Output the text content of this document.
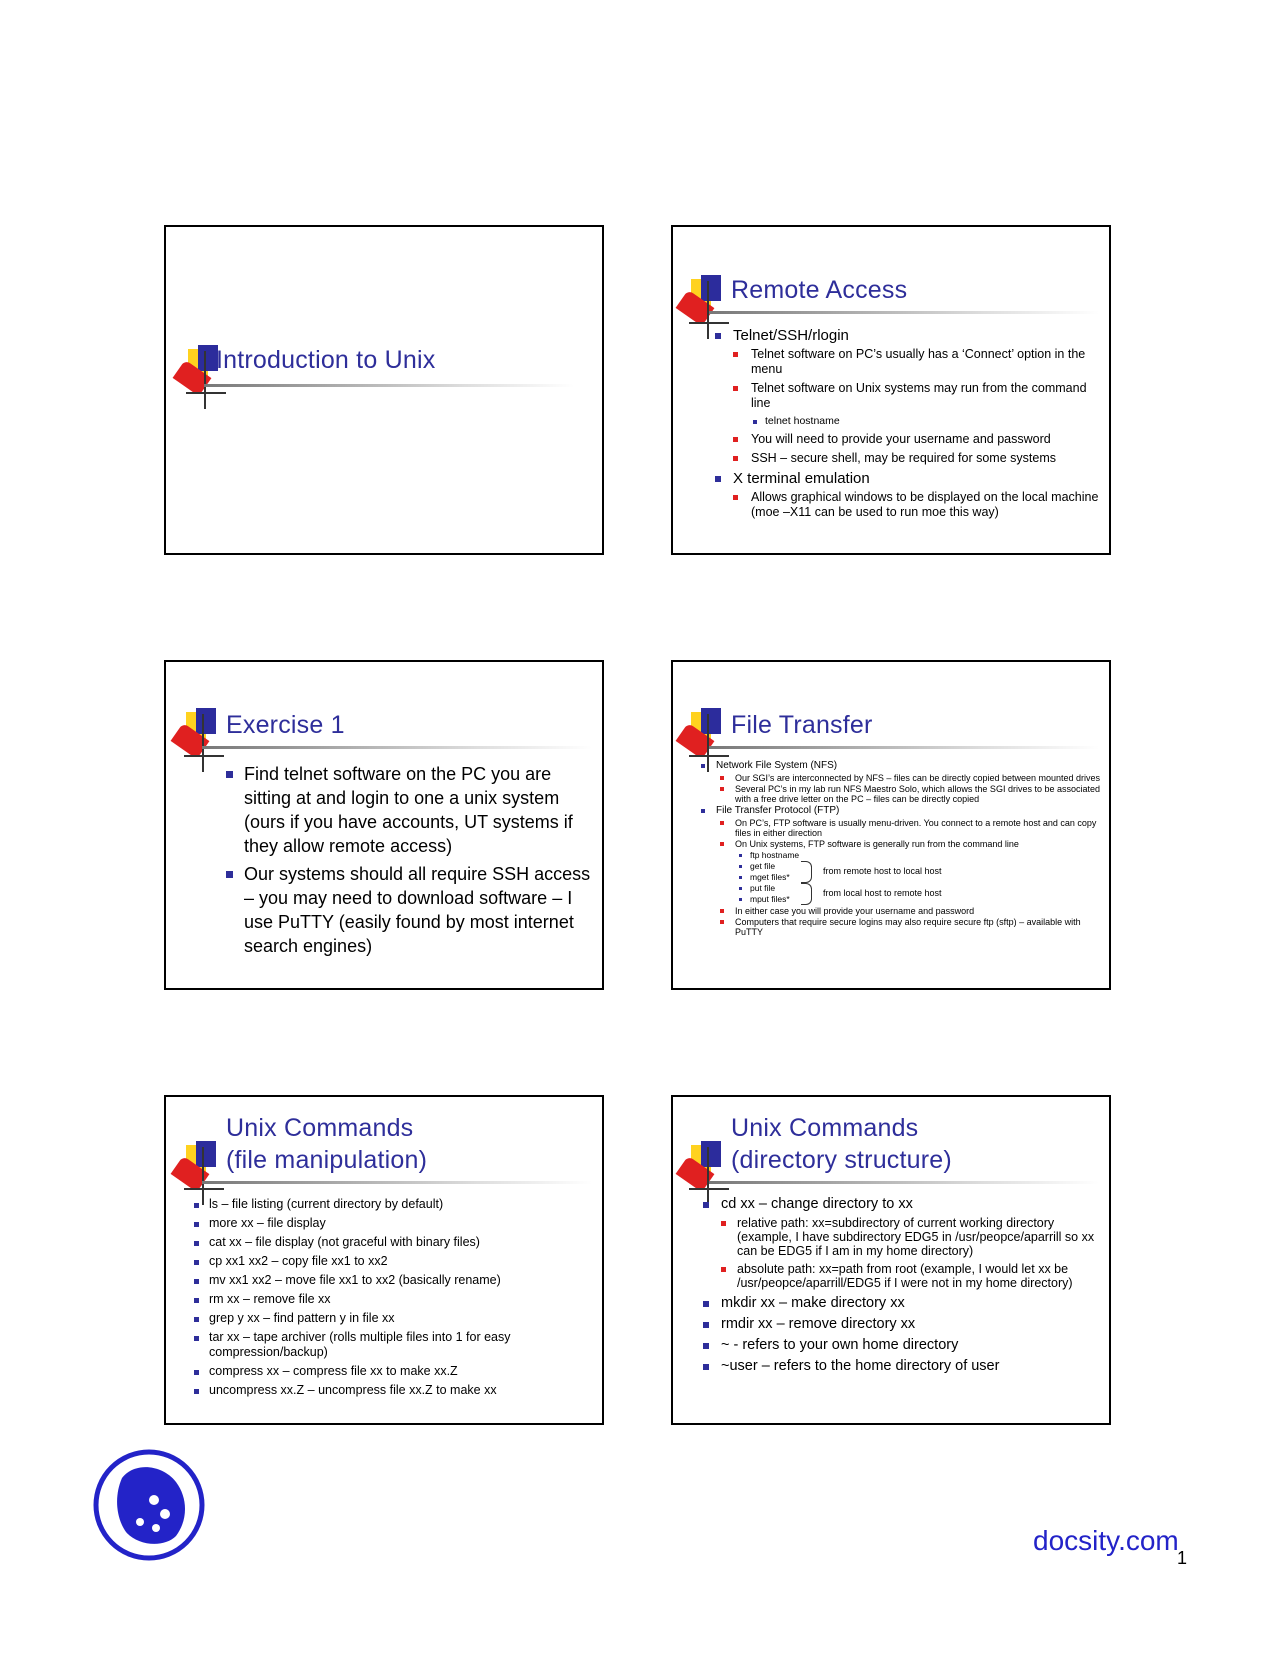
Introduction to Unix
Remote Access
Telnet/SSH/rlogin
Telnet software on PC’s usually has a ‘Connect’ option in the menu
Telnet software on Unix systems may run from the command line
telnet hostname
You will need to provide your username and password
SSH – secure shell, may be required for some systems
X terminal emulation
Allows graphical windows to be displayed on the local machine (moe –X11 can be used to run moe this way)
Exercise 1
Find telnet software on the PC you are sitting at and login to one a unix system (ours if you have accounts, UT systems if they allow remote access)
Our systems should all require SSH access – you may need to download software – I use PuTTY (easily found by most internet search engines)
File Transfer
Network File System (NFS)
Our SGI’s are interconnected by NFS – files can be directly copied between mounted drives
Several PC’s in my lab run NFS Maestro Solo, which allows the SGI drives to be associated with a free drive letter on the PC – files can be directly copied
File Transfer Protocol (FTP)
On PC’s, FTP software is usually menu-driven. You connect to a remote host and can copy files in either direction
On Unix systems, FTP software is generally run from the command line
ftp hostname
get file
mget files*
put file
mput files*
from remote host to local host
from local host to remote host
In either case you will provide your username and password
Computers that require secure logins may also require secure ftp (sftp) – available with PuTTY
Unix Commands
(file manipulation)
ls – file listing (current directory by default)
more xx – file display
cat xx – file display (not graceful with binary files)
cp xx1 xx2 – copy file xx1 to xx2
mv xx1 xx2 – move file xx1 to xx2 (basically rename)
rm xx – remove file xx
grep y xx – find pattern y in file xx
tar xx – tape archiver (rolls multiple files into 1 for easy compression/backup)
compress xx – compress file xx to make xx.Z
uncompress xx.Z – uncompress file xx.Z to make xx
Unix Commands
(directory structure)
cd xx – change directory to xx
relative path: xx=subdirectory of current working directory (example, I have subdirectory EDG5 in /usr/peopce/aparrill so xx can be EDG5 if I am in my home directory)
absolute path: xx=path from root (example, I would let xx be /usr/peopce/aparrill/EDG5 if I were not in my home directory)
mkdir xx – make directory xx
rmdir xx – remove directory xx
~ - refers to your own home directory
~user – refers to the home directory of user
docsity.com
1
